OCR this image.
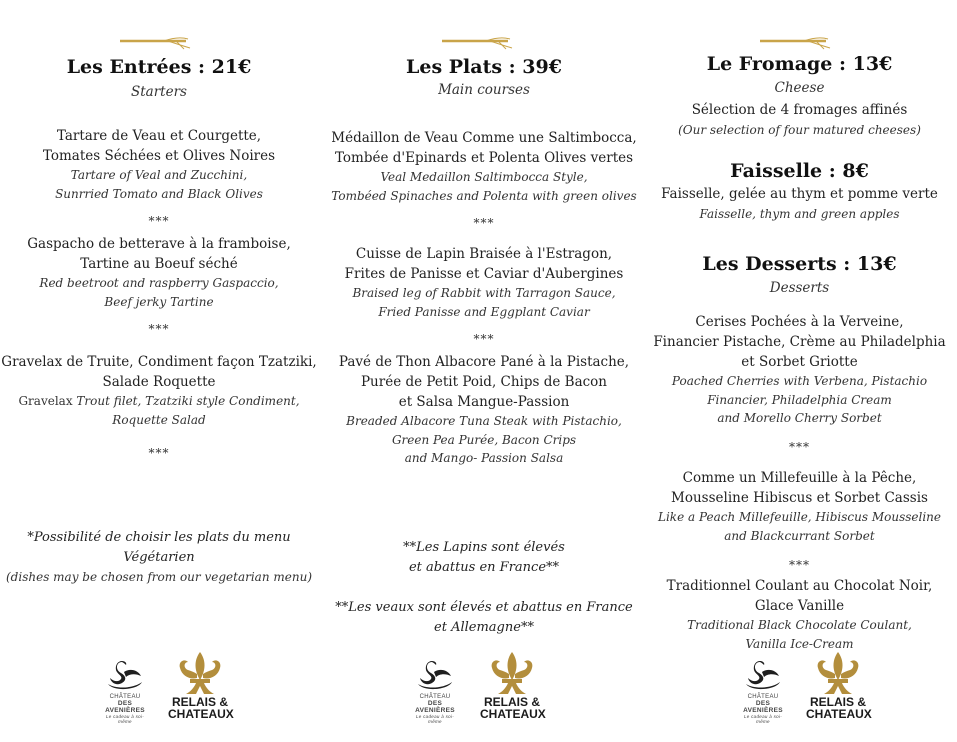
Les Entrées : 21€
Starters
Tartare de Veau et Courgette,
Tomates Séchées et Olives Noires
Tartare of Veal and Zucchini,
Sunrried Tomato and Black Olives
***
Gaspacho de betterave à la framboise,
Tartine au Boeuf séché
Red beetroot and raspberry Gaspaccio,
Beef jerky Tartine
***
Gravelax de Truite, Condiment façon Tzatziki,
Salade Roquette
Gravelax Trout filet, Tzatziki style Condiment,
Roquette Salad
***
*Possibilité de choisir les plats du menu
Végétarien
(dishes may be chosen from our vegetarian menu)
Les Plats : 39€
Main courses
Médaillon de Veau Comme une Saltimbocca,
Tombée d'Epinards et Polenta Olives vertes
Veal Medaillon Saltimbocca Style,
Tombéed Spinaches and Polenta with green olives
***
Cuisse de Lapin Braisée à l'Estragon,
Frites de Panisse et Caviar d'Aubergines
Braised leg of Rabbit with Tarragon Sauce,
Fried Panisse and Eggplant Caviar
***
Pavé de Thon Albacore Pané à la Pistache,
Purée de Petit Poid, Chips de Bacon
et Salsa Mangue-Passion
Breaded Albacore Tuna Steak with Pistachio,
Green Pea Purée, Bacon Crips
and Mango- Passion Salsa
**Les Lapins sont élevés
et abattus en France**
**Les veaux sont élevés et abattus en France
et Allemagne**
Le Fromage : 13€
Cheese
Sélection de 4 fromages affinés
(Our selection of four matured cheeses)
Faisselle : 8€
Faisselle, gelée au thym et pomme verte
Faisselle, thym and green apples
Les Desserts : 13€
Desserts
Cerises Pochées à la Verveine,
Financier Pistache, Crème au Philadelphia
et Sorbet Griotte
Poached Cherries with Verbena, Pistachio
Financier, Philadelphia Cream
and Morello Cherry Sorbet
***
Comme un Millefeuille à la Pêche,
Mousseline Hibiscus et Sorbet Cassis
Like a Peach Millefeuille, Hibiscus Mousseline
and Blackcurrant Sorbet
***
Traditionnel Coulant au Chocolat Noir,
Glace Vanille
Traditional Black Chocolate Coulant,
Vanilla Ice-Cream
CHÂTEAU
DES AVENIÈRES
Le cadeau à soi-même
RELAIS &
CHATEAUX
CHÂTEAU
DES AVENIÈRES
Le cadeau à soi-même
RELAIS &
CHATEAUX
CHÂTEAU
DES AVENIÈRES
Le cadeau à soi-même
RELAIS &
CHATEAUX
